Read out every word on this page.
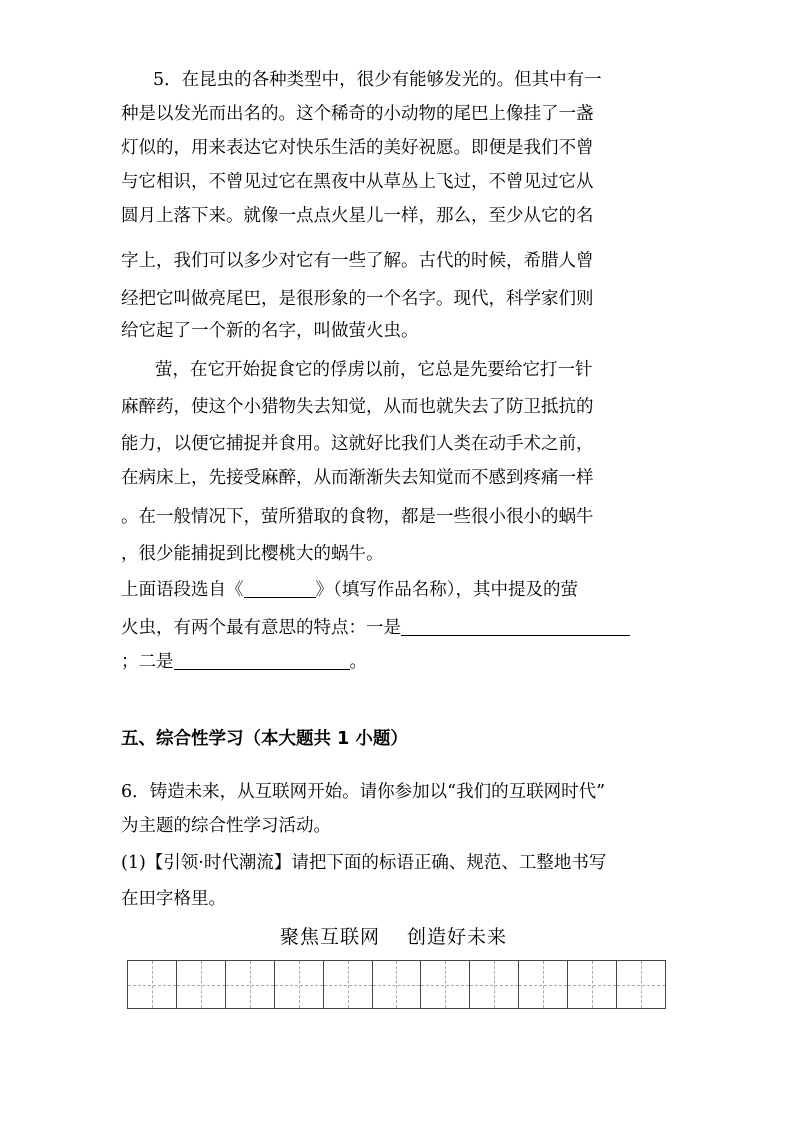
5．在昆虫的各种类型中，很少有能够发光的。但其中有一
种是以发光而出名的。这个稀奇的小动物的尾巴上像挂了一盏
灯似的，用来表达它对快乐生活的美好祝愿。即便是我们不曾
与它相识，不曾见过它在黑夜中从草丛上飞过，不曾见过它从
圆月上落下来。就像一点点火星儿一样，那么，至少从它的名
字上，我们可以多少对它有一些了解。古代的时候，希腊人曾
经把它叫做亮尾巴，是很形象的一个名字。现代，科学家们则
给它起了一个新的名字，叫做萤火虫。
萤，在它开始捉食它的俘虏以前，它总是先要给它打一针
麻醉药，使这个小猎物失去知觉，从而也就失去了防卫抵抗的
能力，以便它捕捉并食用。这就好比我们人类在动手术之前，
在病床上，先接受麻醉，从而渐渐失去知觉而不感到疼痛一样
。在一般情况下，萤所猎取的食物，都是一些很小很小的蜗牛
，很少能捕捉到比樱桃大的蜗牛。
上面语段选自《	》（填写作品名称），其中提及的萤
火虫，有两个最有意思的特点：一是
；二是	。
五、综合性学习（本大题共 1 小题）
6．铸造未来，从互联网开始。请你参加以“我们的互联网时代”
为主题的综合性学习活动。
(1)【引领·时代潮流】请把下面的标语正确、规范、工整地书写
在田字格里。
聚焦互联网　 创造好未来
